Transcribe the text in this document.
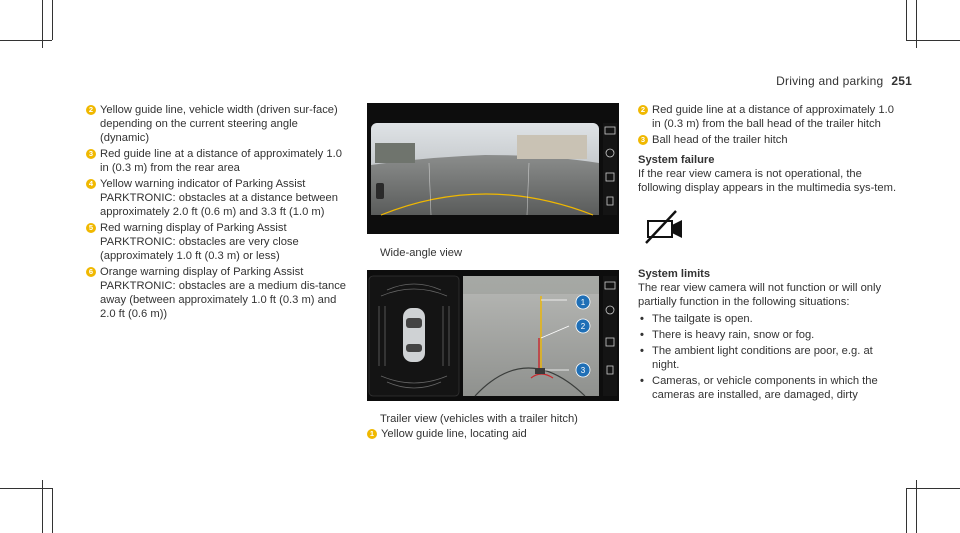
Driving and parking 251
2 Yellow guide line, vehicle width (driven sur-face) depending on the current steering angle (dynamic)
3 Red guide line at a distance of approximately 1.0 in (0.3 m) from the rear area
4 Yellow warning indicator of Parking Assist PARKTRONIC: obstacles at a distance between approximately 2.0 ft (0.6 m) and 3.3 ft (1.0 m)
5 Red warning display of Parking Assist PARKTRONIC: obstacles are very close (approximately 1.0 ft (0.3 m) or less)
6 Orange warning display of Parking Assist PARKTRONIC: obstacles are a medium dis-tance away (between approximately 1.0 ft (0.3 m) and 2.0 ft (0.6 m))
Wide-angle view
1
2
3
Trailer view (vehicles with a trailer hitch)
1 Yellow guide line, locating aid
2 Red guide line at a distance of approximately 1.0 in (0.3 m) from the ball head of the trailer hitch
3 Ball head of the trailer hitch
System failure
If the rear view camera is not operational, the following display appears in the multimedia sys-tem.
System limits
The rear view camera will not function or will only partially function in the following situations:
• The tailgate is open.
• There is heavy rain, snow or fog.
• The ambient light conditions are poor, e.g. at night.
• Cameras, or vehicle components in which the cameras are installed, are damaged, dirty
